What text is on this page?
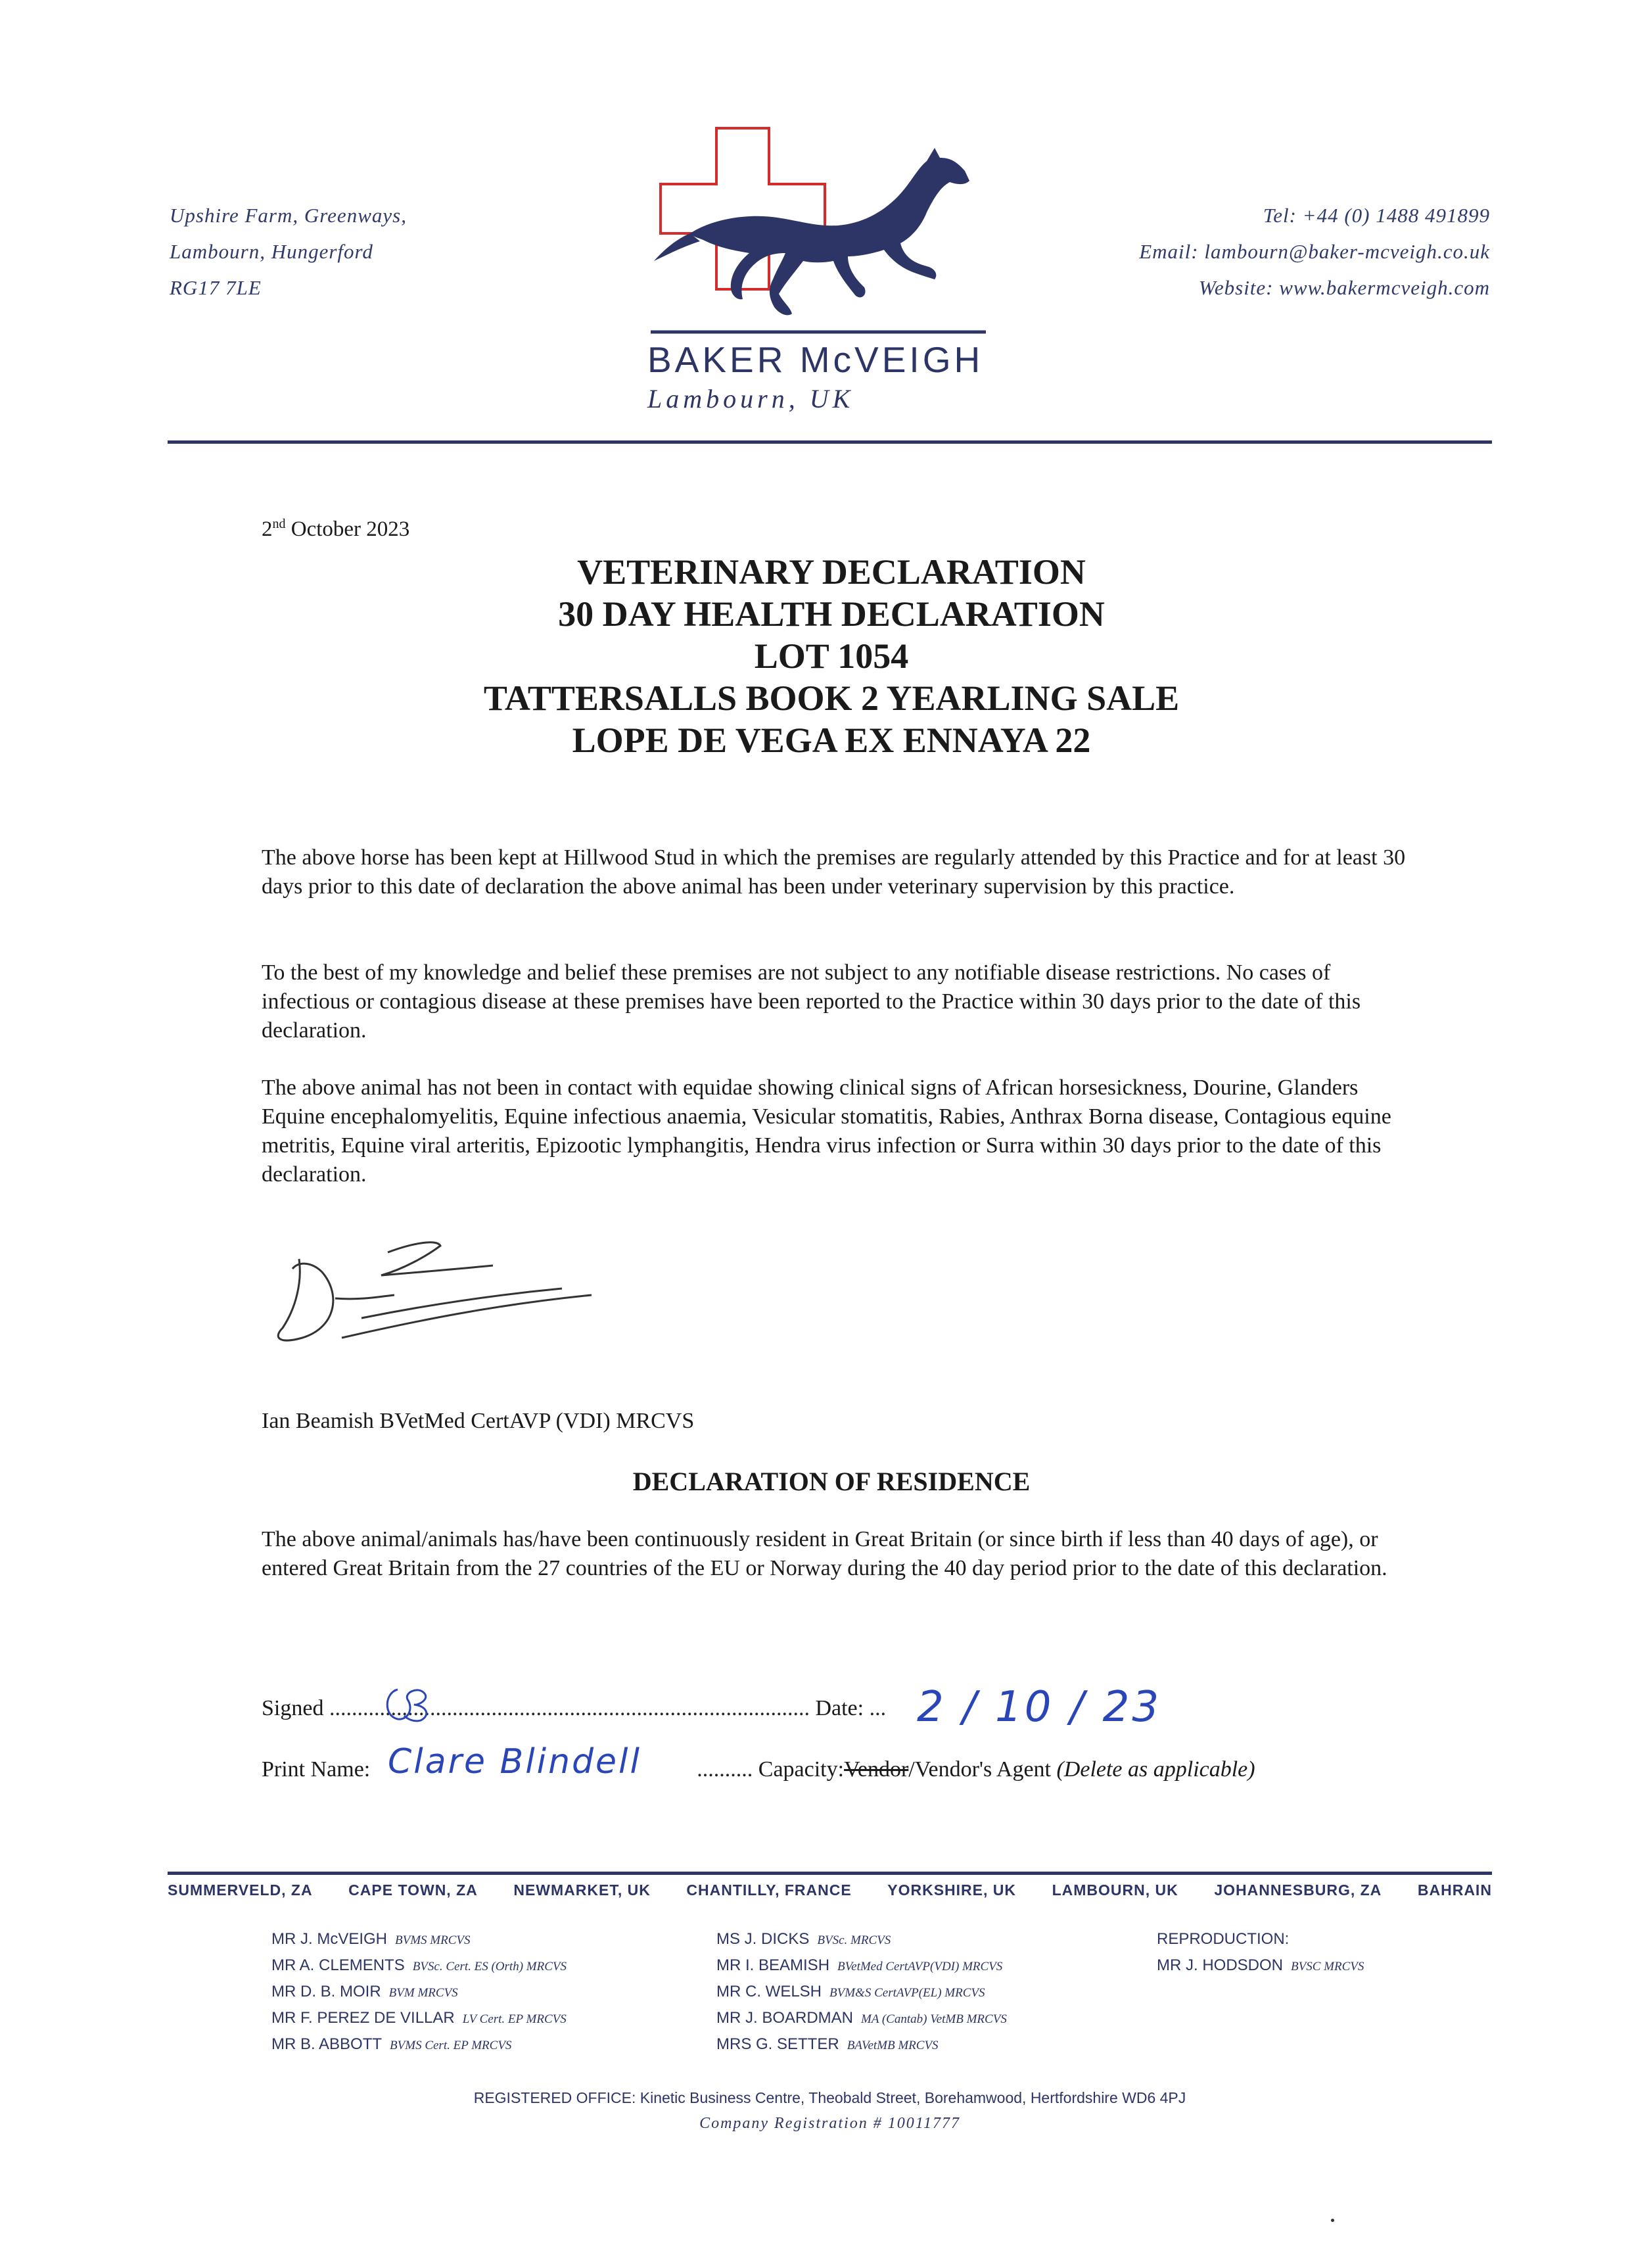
Upshire Farm, Greenways,
Lambourn, Hungerford
RG17 7LE
BAKER McVEIGH
Lambourn, UK
Tel: +44 (0) 1488 491899
Email: lambourn@baker-mcveigh.co.uk
Website: www.bakermcveigh.com
2nd October 2023
VETERINARY DECLARATION
30 DAY HEALTH DECLARATION
LOT 1054
TATTERSALLS BOOK 2 YEARLING SALE
LOPE DE VEGA EX ENNAYA 22

The above horse has been kept at Hillwood Stud in which the premises are regularly attended by this Practice and for at least 30 days prior to this date of declaration the above animal has been under veterinary supervision by this practice.

To the best of my knowledge and belief these premises are not subject to any notifiable disease restrictions. No cases of infectious or contagious disease at these premises have been reported to the Practice within 30 days prior to the date of this declaration.

The above animal has not been in contact with equidae showing clinical signs of African horsesickness, Dourine, Glanders Equine encephalomyelitis, Equine infectious anaemia, Vesicular stomatitis, Rabies, Anthrax Borna disease, Contagious equine metritis, Equine viral arteritis, Epizootic lymphangitis, Hendra virus infection or Surra within 30 days prior to the date of this declaration.

Ian Beamish BVetMed CertAVP (VDI) MRCVS
DECLARATION OF RESIDENCE

The above animal/animals has/have been continuously resident in Great Britain (or since birth if less than 40 days of age), or entered Great Britain from the 27 countries of the EU or Norway during the 40 day period prior to the date of this declaration.

Signed ...................................................................................... Date: ... 2 / 10 / 23
Print Name:	.......... Capacity:Vendor/Vendor's Agent (Delete as applicable)
Clare Blindell
SUMMERVELD, ZA CAPE TOWN, ZA NEWMARKET, UK CHANTILLY, FRANCE YORKSHIRE, UK LAMBOURN, UK JOHANNESBURG, ZA BAHRAIN
MR J. McVEIGH BVMS MRCVS
MR A. CLEMENTS BVSc. Cert. ES (Orth) MRCVS
MR D. B. MOIR BVM MRCVS
MR F. PEREZ DE VILLAR LV Cert. EP MRCVS
MR B. ABBOTT BVMS Cert. EP MRCVS
MS J. DICKS BVSc. MRCVS
MR I. BEAMISH BVetMed CertAVP(VDI) MRCVS
MR C. WELSH BVM&S CertAVP(EL) MRCVS
MR J. BOARDMAN MA (Cantab) VetMB MRCVS
MRS G. SETTER BAVetMB MRCVS
REPRODUCTION:
MR J. HODSDON BVSC MRCVS
REGISTERED OFFICE: Kinetic Business Centre, Theobald Street, Borehamwood, Hertfordshire WD6 4PJ
Company Registration # 10011777
